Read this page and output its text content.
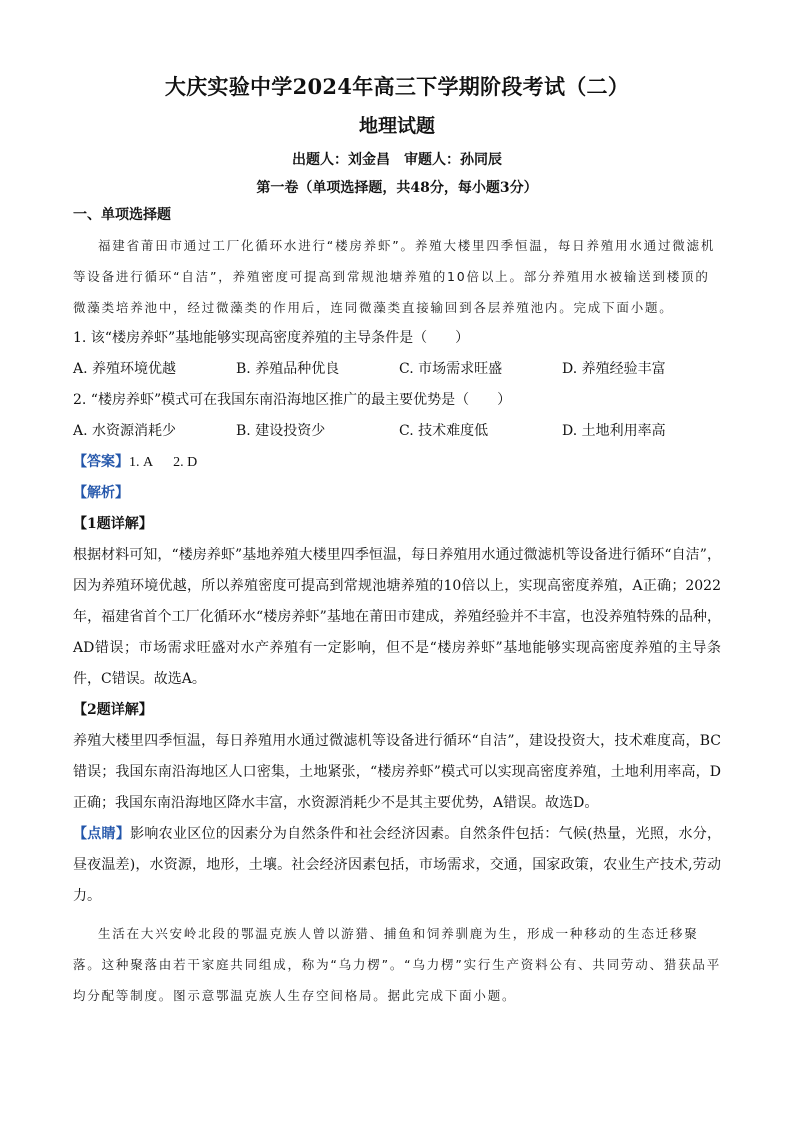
大庆实验中学2024年高三下学期阶段考试（二）
地理试题
出题人：刘金昌　审题人：孙同辰
第一卷（单项选择题，共48分，每小题3分）
一、单项选择题

福建省莆田市通过工厂化循环水进行“楼房养虾”。养殖大楼里四季恒温，每日养殖用水通过微滤机等设备进行循环“自洁”，养殖密度可提高到常规池塘养殖的10倍以上。部分养殖用水被输送到楼顶的微藻类培养池中，经过微藻类的作用后，连同微藻类直接输回到各层养殖池内。完成下面小题。

1. 该“楼房养虾”基地能够实现高密度养殖的主导条件是（　　）

A. 养殖环境优越	B. 养殖品种优良	C. 市场需求旺盛	D. 养殖经验丰富

2. “楼房养虾”模式可在我国东南沿海地区推广的最主要优势是（　　）

A. 水资源消耗少	B. 建设投资少	C. 技术难度低	D. 土地利用率高

【答案】1. A 2. D

【解析】

【1题详解】

根据材料可知，“楼房养虾”基地养殖大楼里四季恒温，每日养殖用水通过微滤机等设备进行循环“自洁”，因为养殖环境优越，所以养殖密度可提高到常规池塘养殖的10倍以上，实现高密度养殖，A正确；2022年，福建省首个工厂化循环水“楼房养虾”基地在莆田市建成，养殖经验并不丰富，也没养殖特殊的品种，AD错误；市场需求旺盛对水产养殖有一定影响，但不是“楼房养虾”基地能够实现高密度养殖的主导条件，C错误。故选A。

【2题详解】

养殖大楼里四季恒温，每日养殖用水通过微滤机等设备进行循环“自洁”，建设投资大，技术难度高，BC错误；我国东南沿海地区人口密集，土地紧张，“楼房养虾”模式可以实现高密度养殖，土地利用率高，D正确；我国东南沿海地区降水丰富，水资源消耗少不是其主要优势，A错误。故选D。

【点睛】影响农业区位的因素分为自然条件和社会经济因素。自然条件包括：气候(热量，光照，水分，昼夜温差)，水资源，地形，土壤。社会经济因素包括，市场需求，交通，国家政策，农业生产技术,劳动力。

生活在大兴安岭北段的鄂温克族人曾以游猎、捕鱼和饲养驯鹿为生，形成一种移动的生态迁移聚落。这种聚落由若干家庭共同组成，称为“乌力楞”。“乌力楞”实行生产资料公有、共同劳动、猎获品平均分配等制度。图示意鄂温克族人生存空间格局。据此完成下面小题。
